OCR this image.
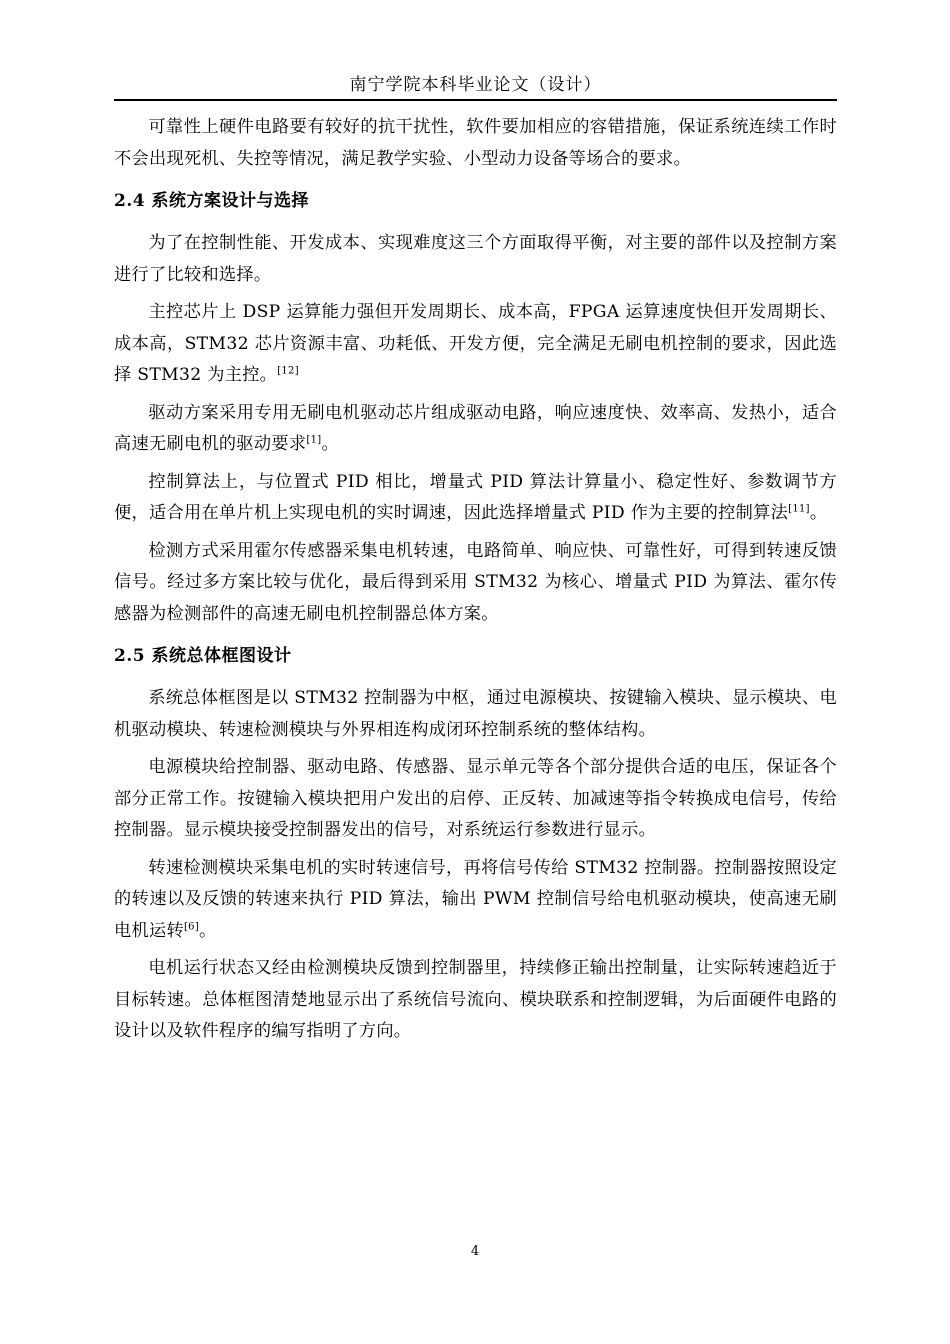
南宁学院本科毕业论文（设计）

可靠性上硬件电路要有较好的抗干扰性，软件要加相应的容错措施，保证系统连续工作时不会出现死机、失控等情况，满足教学实验、小型动力设备等场合的要求。

2.4 系统方案设计与选择

为了在控制性能、开发成本、实现难度这三个方面取得平衡，对主要的部件以及控制方案进行了比较和选择。

主控芯片上 DSP 运算能力强但开发周期长、成本高，FPGA 运算速度快但开发周期长、成本高，STM32 芯片资源丰富、功耗低、开发方便，完全满足无刷电机控制的要求，因此选择 STM32 为主控。[12]

驱动方案采用专用无刷电机驱动芯片组成驱动电路，响应速度快、效率高、发热小，适合高速无刷电机的驱动要求[1]。

控制算法上，与位置式 PID 相比，增量式 PID 算法计算量小、稳定性好、参数调节方便，适合用在单片机上实现电机的实时调速，因此选择增量式 PID 作为主要的控制算法[11]。

检测方式采用霍尔传感器采集电机转速，电路简单、响应快、可靠性好，可得到转速反馈信号。经过多方案比较与优化，最后得到采用 STM32 为核心、增量式 PID 为算法、霍尔传感器为检测部件的高速无刷电机控制器总体方案。

2.5 系统总体框图设计

系统总体框图是以 STM32 控制器为中枢，通过电源模块、按键输入模块、显示模块、电机驱动模块、转速检测模块与外界相连构成闭环控制系统的整体结构。

电源模块给控制器、驱动电路、传感器、显示单元等各个部分提供合适的电压，保证各个部分正常工作。按键输入模块把用户发出的启停、正反转、加减速等指令转换成电信号，传给控制器。显示模块接受控制器发出的信号，对系统运行参数进行显示。

转速检测模块采集电机的实时转速信号，再将信号传给 STM32 控制器。控制器按照设定的转速以及反馈的转速来执行 PID 算法，输出 PWM 控制信号给电机驱动模块，使高速无刷电机运转[6]。

电机运行状态又经由检测模块反馈到控制器里，持续修正输出控制量，让实际转速趋近于目标转速。总体框图清楚地显示出了系统信号流向、模块联系和控制逻辑，为后面硬件电路的设计以及软件程序的编写指明了方向。

4
